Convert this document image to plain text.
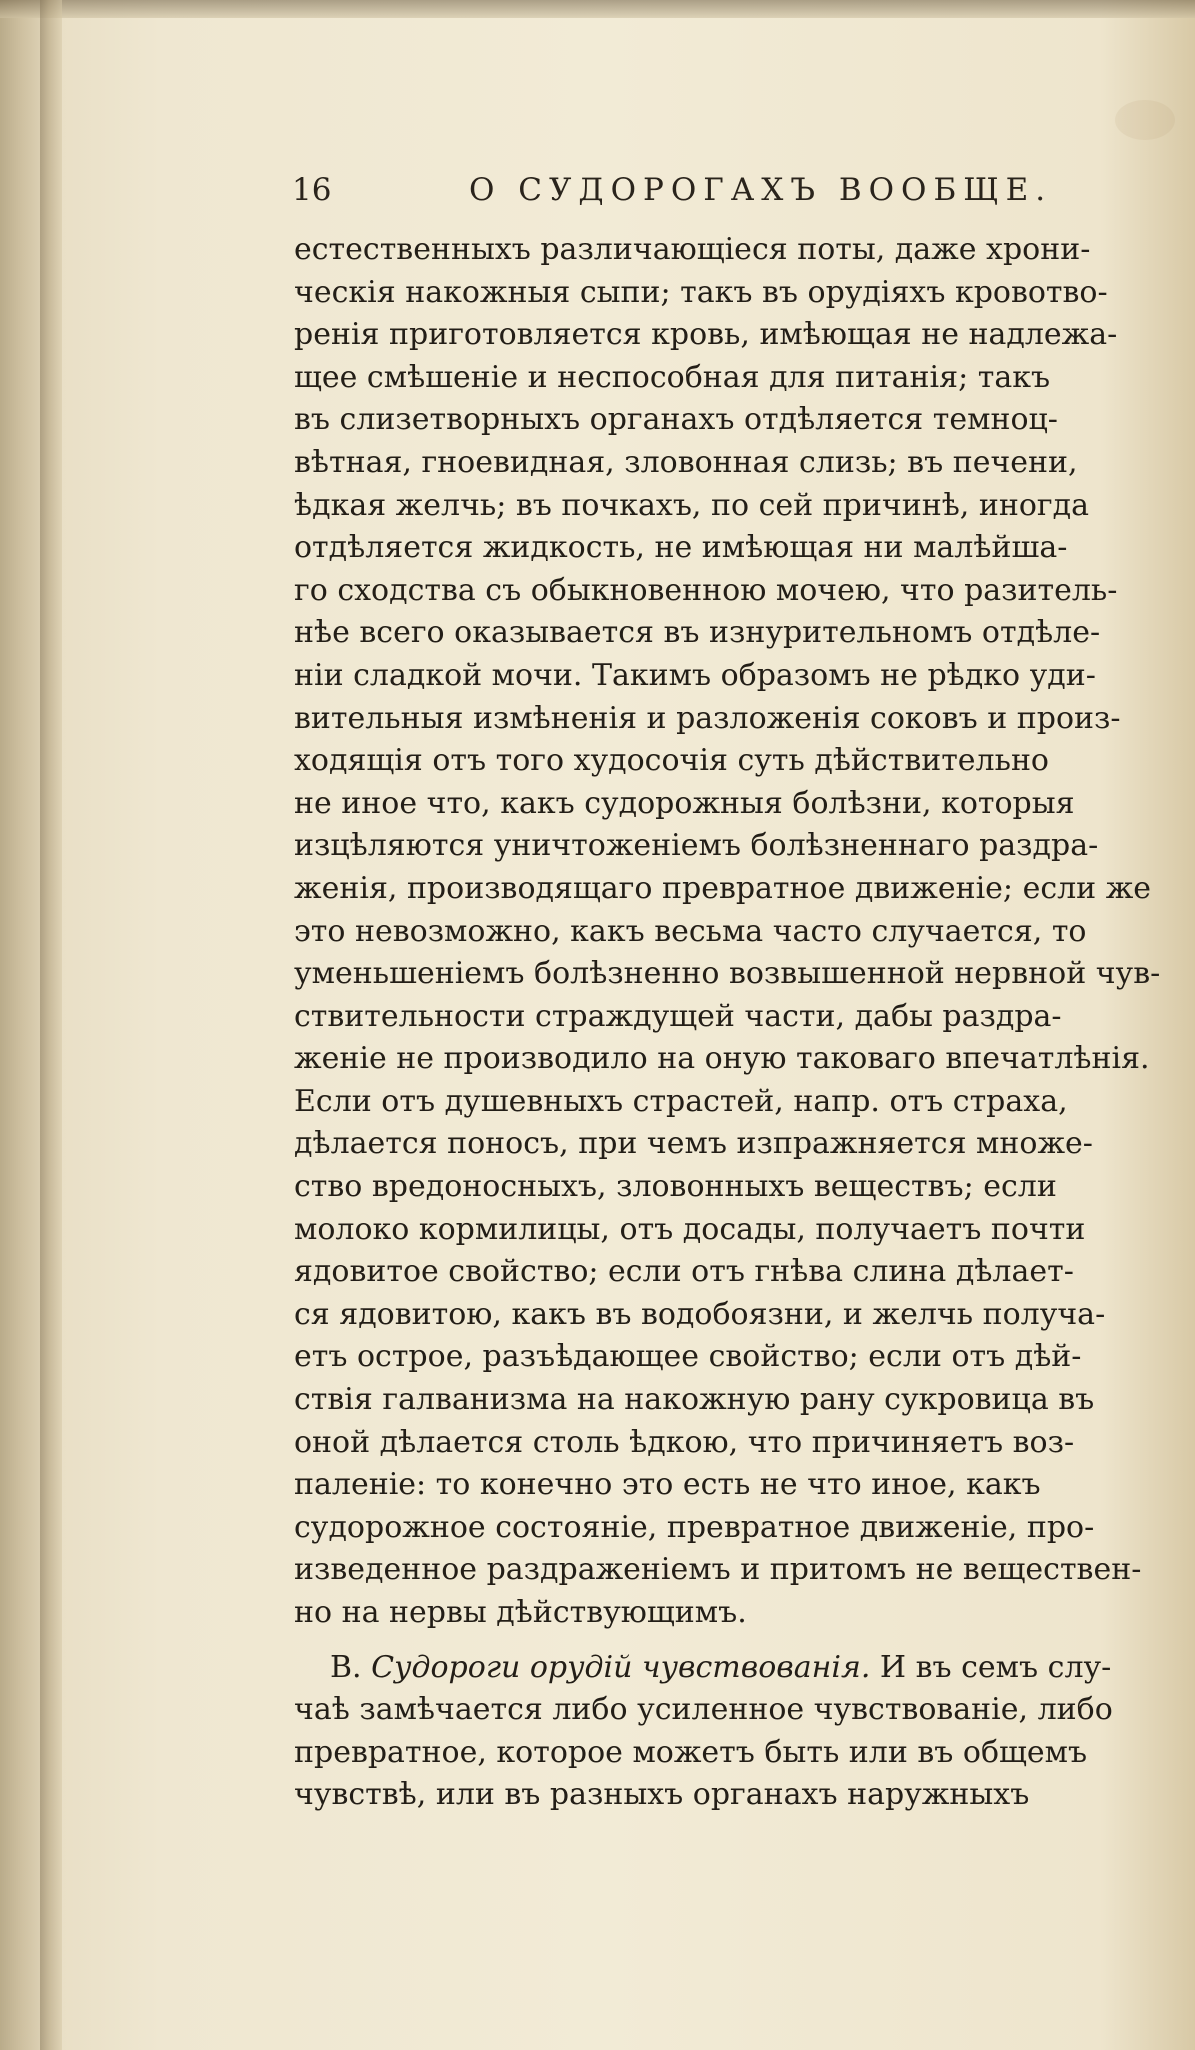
16	О СУДОРОГАХЪ ВООБЩЕ.
естественныхъ различающіеся поты, даже хрони-
ческія накожныя сыпи; такъ въ орудіяхъ кровотво-
ренія приготовляется кровь, имѣющая не надлежа-
щее смѣшеніе и неспособная для питанія; такъ
въ слизетворныхъ органахъ отдѣляется темноц-
вѣтная, гноевидная, зловонная слизь; въ печени,
ѣдкая желчь; въ почкахъ, по сей причинѣ, иногда
отдѣляется жидкость, не имѣющая ни малѣйша-
го сходства съ обыкновенною мочею, что разитель-
нѣе всего оказывается въ изнурительномъ отдѣле-
ніи сладкой мочи. Такимъ образомъ не рѣдко уди-
вительныя измѣненія и разложенія соковъ и произ-
ходящія отъ того худосочія суть дѣйствительно
не иное что, какъ судорожныя болѣзни, которыя
изцѣляются уничтоженіемъ болѣзненнаго раздра-
женія, производящаго превратное движеніе; если же
это невозможно, какъ весьма часто случается, то
уменьшеніемъ болѣзненно возвышенной нервной чув-
ствительности страждущей части, дабы раздра-
женіе не производило на оную таковаго впечатлѣнія.
Если отъ душевныхъ страстей, напр. отъ страха,
дѣлается поносъ, при чемъ изпражняется множе-
ство вредоносныхъ, зловонныхъ веществъ; если
молоко кормилицы, отъ досады, получаетъ почти
ядовитое свойство; если отъ гнѣва слина дѣлает-
ся ядовитою, какъ въ водобоязни, и желчь получа-
етъ острое, разъѣдающее свойство; если отъ дѣй-
ствія галванизма на накожную рану сукровица въ
оной дѣлается столь ѣдкою, что причиняетъ воз-
паленіе: то конечно это есть не что иное, какъ
судорожное состояніе, превратное движеніе, про-
изведенное раздраженіемъ и притомъ не веществен-
но на нервы дѣйствующимъ.
В. Судороги орудій чувствованія. И въ семъ слу-
чаѣ замѣчается либо усиленное чувствованіе, либо
превратное, которое можетъ быть или въ общемъ
чувствѣ, или въ разныхъ органахъ наружныхъ
